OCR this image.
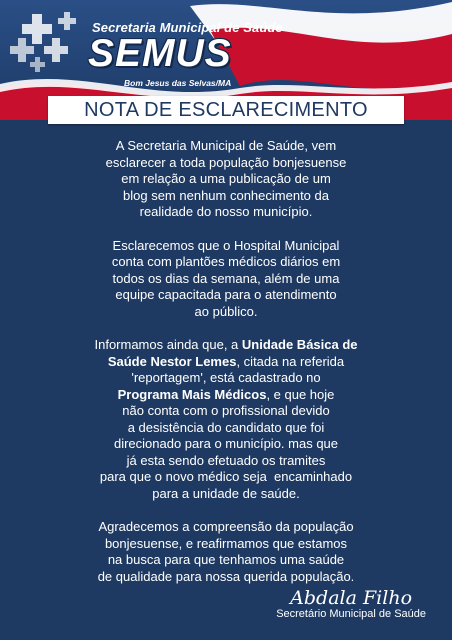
Secretaria Municipal de Saúde
SEMUS
Bom Jesus das Selvas/MA
NOTA DE ESCLARECIMENTO
A Secretaria Municipal de Saúde, vem
esclarecer a toda população bonjesuense
em relação a uma publicação de um
blog sem nenhum conhecimento da
realidade do nosso município.
Esclarecemos que o Hospital Municipal
conta com plantões médicos diários em
todos os dias da semana, além de uma
equipe capacitada para o atendimento
ao público.
Informamos ainda que, a Unidade Básica de
Saúde Nestor Lemes, citada na referida
'reportagem', está cadastrado no
Programa Mais Médicos, e que hoje
não conta com o profissional devido
a desistência do candidato que foi
direcionado para o município. mas que
já esta sendo efetuado os tramites
para que o novo médico seja  encaminhado
para a unidade de saúde.
Agradecemos a compreensão da população
bonjesuense, e reafirmamos que estamos
na busca para que tenhamos uma saúde
de qualidade para nossa querida população.
Abdala Filho
Secretário Municipal de Saúde
